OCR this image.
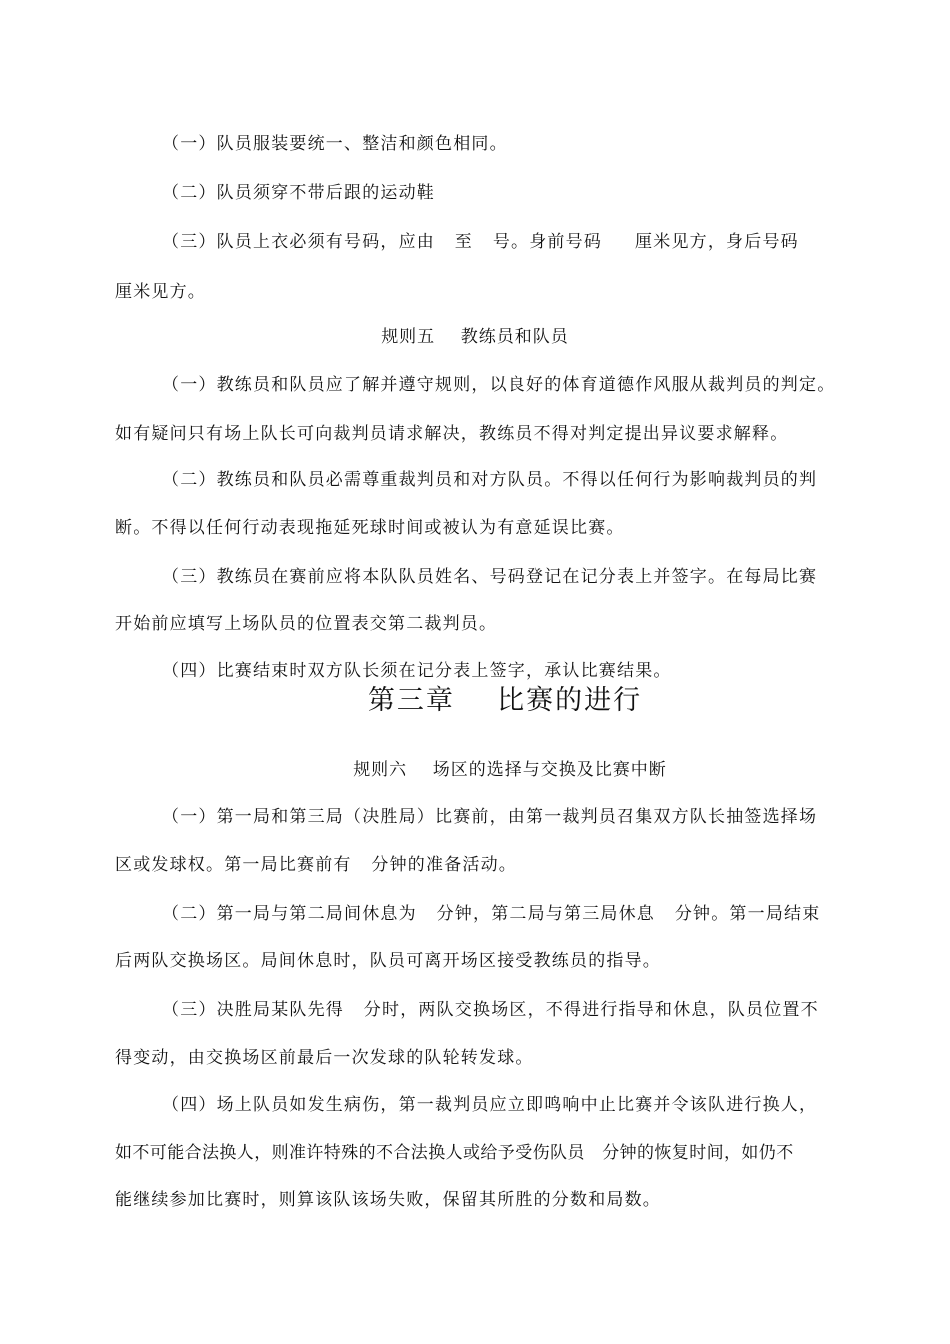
（一）队员服装要统一、整洁和颜色相同。
（二）队员须穿不带后跟的运动鞋
（三）队员上衣必须有号码，应由   至   号。身前号码     厘米见方，身后号码
厘米见方。
规则五    教练员和队员
（一）教练员和队员应了解并遵守规则，以良好的体育道德作风服从裁判员的判定。
如有疑问只有场上队长可向裁判员请求解决，教练员不得对判定提出异议要求解释。
（二）教练员和队员必需尊重裁判员和对方队员。不得以任何行为影响裁判员的判
断。不得以任何行动表现拖延死球时间或被认为有意延误比赛。
（三）教练员在赛前应将本队队员姓名、号码登记在记分表上并签字。在每局比赛
开始前应填写上场队员的位置表交第二裁判员。
（四）比赛结束时双方队长须在记分表上签字，承认比赛结果。
第三章    比赛的进行
规则六    场区的选择与交换及比赛中断
（一）第一局和第三局（决胜局）比赛前，由第一裁判员召集双方队长抽签选择场
区或发球权。第一局比赛前有   分钟的准备活动。
（二）第一局与第二局间休息为   分钟，第二局与第三局休息   分钟。第一局结束
后两队交换场区。局间休息时，队员可离开场区接受教练员的指导。
（三）决胜局某队先得   分时，两队交换场区，不得进行指导和休息，队员位置不
得变动，由交换场区前最后一次发球的队轮转发球。
（四）场上队员如发生病伤，第一裁判员应立即鸣响中止比赛并令该队进行换人，
如不可能合法换人，则准许特殊的不合法换人或给予受伤队员   分钟的恢复时间，如仍不
能继续参加比赛时，则算该队该场失败，保留其所胜的分数和局数。
